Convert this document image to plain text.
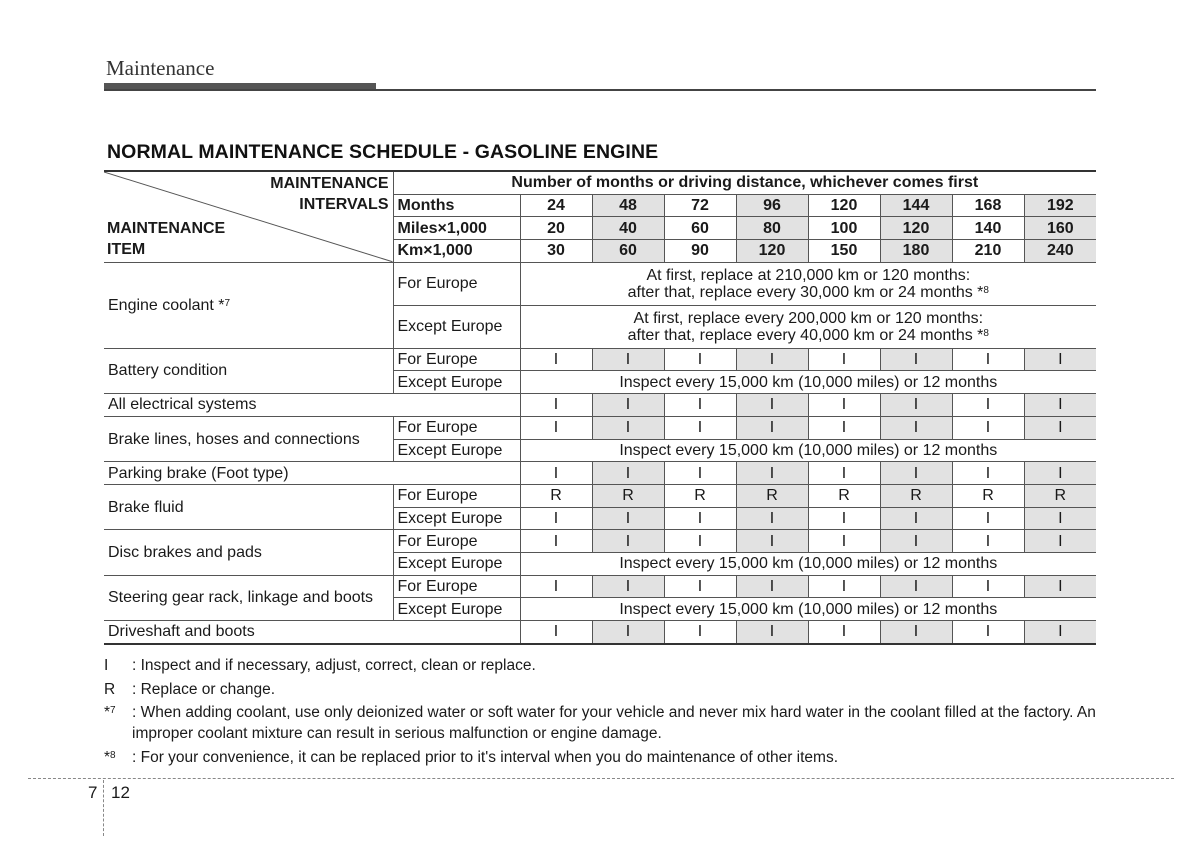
Maintenance
NORMAL MAINTENANCE SCHEDULE - GASOLINE ENGINE
MAINTENANCE
INTERVALS
MAINTENANCE
ITEM	Number of months or driving distance, whichever comes first								
	Months	24	48	72	96	120	144	168	192
	Miles×1,000	20	40	60	80	100	120	140	160
	Km×1,000	30	60	90	120	150	180	210	240
Engine coolant *$^7$	For Europe	At first, replace at 210,000 km or 120 months:
after that, replace every 30,000 km or 24 months *$^8$

	Except Europe	At first, replace every 200,000 km or 120 months:
after that, replace every 40,000 km or 24 months *$^8$

Battery condition	For Europe	I	I	I	I	I	I	I	I
	Except Europe	Inspect every 15,000 km (10,000 miles) or 12 months							
All electrical systems		I	I	I	I	I	I	I	I
Brake lines, hoses and connections	For Europe	I	I	I	I	I	I	I	I
	Except Europe	Inspect every 15,000 km (10,000 miles) or 12 months							
Parking brake (Foot type)		I	I	I	I	I	I	I	I
Brake fluid	For Europe	R	R	R	R	R	R	R	R
	Except Europe	I	I	I	I	I	I	I	I
Disc brakes and pads	For Europe	I	I	I	I	I	I	I	I
	Except Europe	Inspect every 15,000 km (10,000 miles) or 12 months							
Steering gear rack, linkage and boots	For Europe	I	I	I	I	I	I	I	I
	Except Europe	Inspect every 15,000 km (10,000 miles) or 12 months							
Driveshaft and boots		I	I	I	I	I	I	I	I
I : Inspect and if necessary, adjust, correct, clean or replace.
R : Replace or change.
*$^7$ : When adding coolant, use only deionized water or soft water for your vehicle and never mix hard water in the coolant filled at the factory. An improper coolant mixture can result in serious malfunction or engine damage.
*$^8$ : For your convenience, it can be replaced prior to it's interval when you do maintenance of other items.
7 12
